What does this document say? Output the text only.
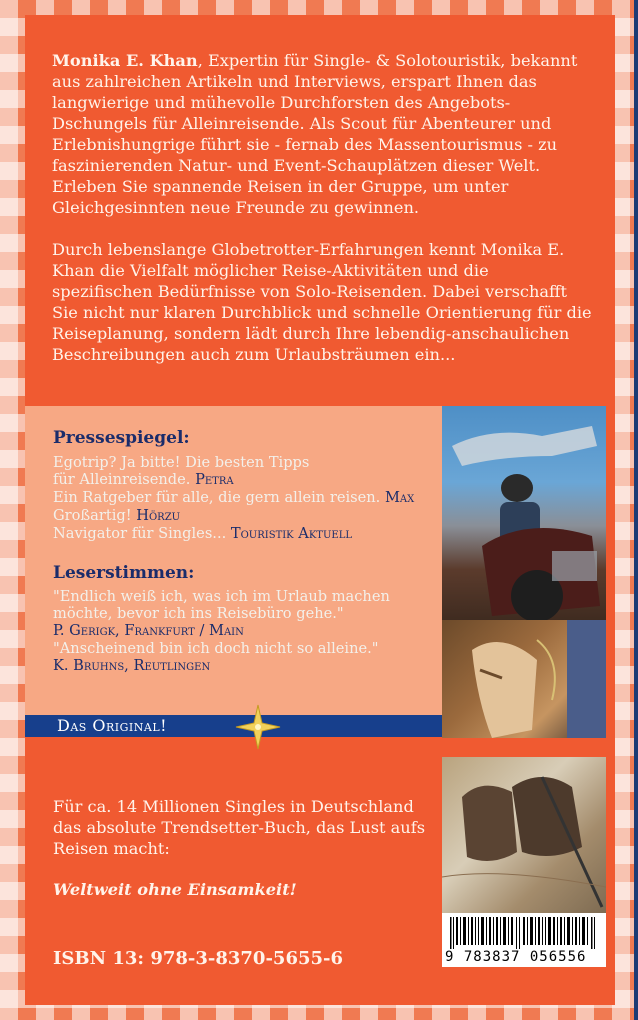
Monika E. Khan, Expertin für Single- & Solotouristik, bekannt aus zahlreichen Artikeln und Interviews, erspart Ihnen das langwierige und mühevolle Durchforsten des Angebots-Dschungels für Alleinreisende. Als Scout für Abenteurer und Erlebnishungrige führt sie - fernab des Massentourismus - zu faszinierenden Natur- und Event-Schauplätzen dieser Welt. Erleben Sie spannende Reisen in der Gruppe, um unter Gleichgesinnten neue Freunde zu gewinnen.

Durch lebenslange Globetrotter-Erfahrungen kennt Monika E. Khan die Vielfalt möglicher Reise-Aktivitäten und die spezifischen Bedürfnisse von Solo-Reisenden. Dabei verschafft Sie nicht nur klaren Durchblick und schnelle Orientierung für die Reiseplanung, sondern lädt durch Ihre lebendig-anschaulichen Beschreibungen auch zum Urlaubsträumen ein...

Pressespiegel:
Egotrip? Ja bitte! Die besten Tipps für Alleinreisende. Petra
Ein Ratgeber für alle, die gern allein reisen. Max
Großartig! Hörzu
Navigator für Singles... Touristik Aktuell
Leserstimmen:
"Endlich weiß ich, was ich im Urlaub machen möchte, bevor ich ins Reisebüro gehe."
P. Gerigk, Frankfurt / Main
"Anscheinend bin ich doch nicht so alleine."
K. Bruhns, Reutlingen
Das Original!
Für ca. 14 Millionen Singles in Deutschland das absolute Trendsetter-Buch, das Lust aufs Reisen macht:
Weltweit ohne Einsamkeit!
ISBN 13: 978-3-8370-5655-6	9 783837 056556
